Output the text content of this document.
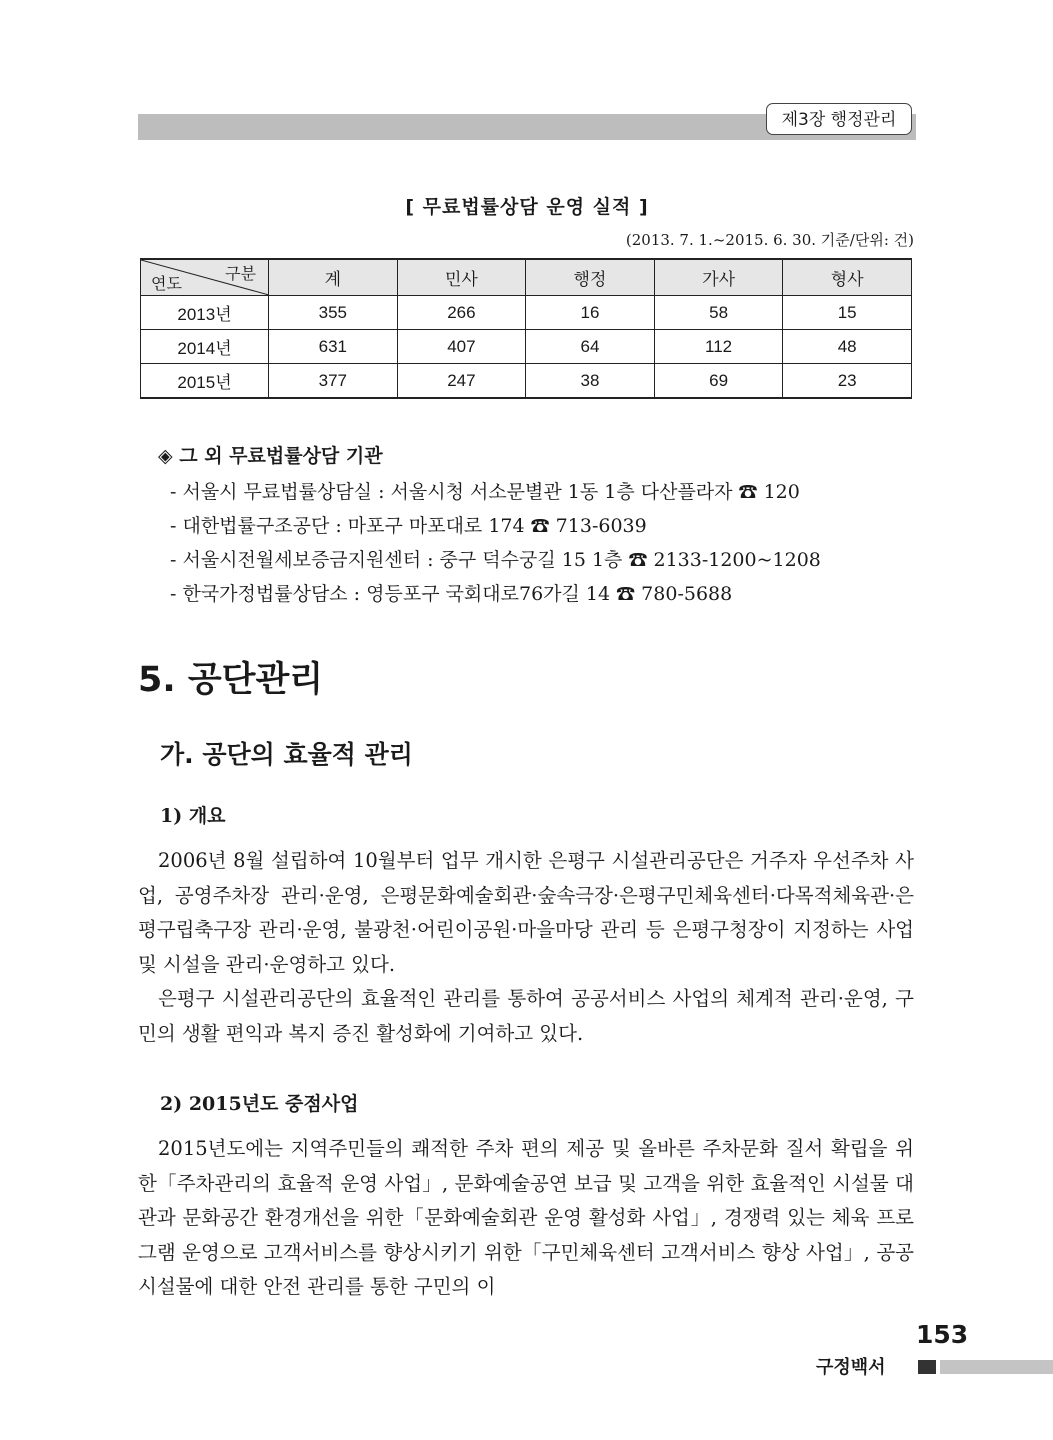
제3장 행정관리
[ 무료법률상담 운영 실적 ]
(2013. 7. 1.~2015. 6. 30. 기준/단위: 건)
구분
연도	계	민사	행정	가사	형사
2013년	355	266	16	58	15
2014년	631	407	64	112	48
2015년	377	247	38	69	23
◈ 그 외 무료법률상담 기관
- 서울시 무료법률상담실 : 서울시청 서소문별관 1동 1층 다산플라자 ☎ 120
- 대한법률구조공단 : 마포구 마포대로 174 ☎ 713-6039
- 서울시전월세보증금지원센터 : 중구 덕수궁길 15 1층 ☎ 2133-1200~1208
- 한국가정법률상담소 : 영등포구 국회대로76가길 14 ☎ 780-5688
5. 공단관리
가. 공단의 효율적 관리
1) 개요
2006년 8월 설립하여 10월부터 업무 개시한 은평구 시설관리공단은 거주자 우선주차 사업, 공영주차장 관리·운영, 은평문화예술회관·숲속극장·은평구민체육센터·다목적체육관·은평구립축구장 관리·운영, 불광천·어린이공원·마을마당 관리 등 은평구청장이 지정하는 사업 및 시설을 관리·운영하고 있다.
은평구 시설관리공단의 효율적인 관리를 통하여 공공서비스 사업의 체계적 관리·운영, 구민의 생활 편익과 복지 증진 활성화에 기여하고 있다.
2) 2015년도 중점사업
2015년도에는 지역주민들의 쾌적한 주차 편의 제공 및 올바른 주차문화 질서 확립을 위한「주차관리의 효율적 운영 사업」, 문화예술공연 보급 및 고객을 위한 효율적인 시설물 대관과 문화공간 환경개선을 위한「문화예술회관 운영 활성화 사업」, 경쟁력 있는 체육 프로그램 운영으로 고객서비스를 향상시키기 위한「구민체육센터 고객서비스 향상 사업」, 공공시설물에 대한 안전 관리를 통한 구민의 이
153
구정백서
